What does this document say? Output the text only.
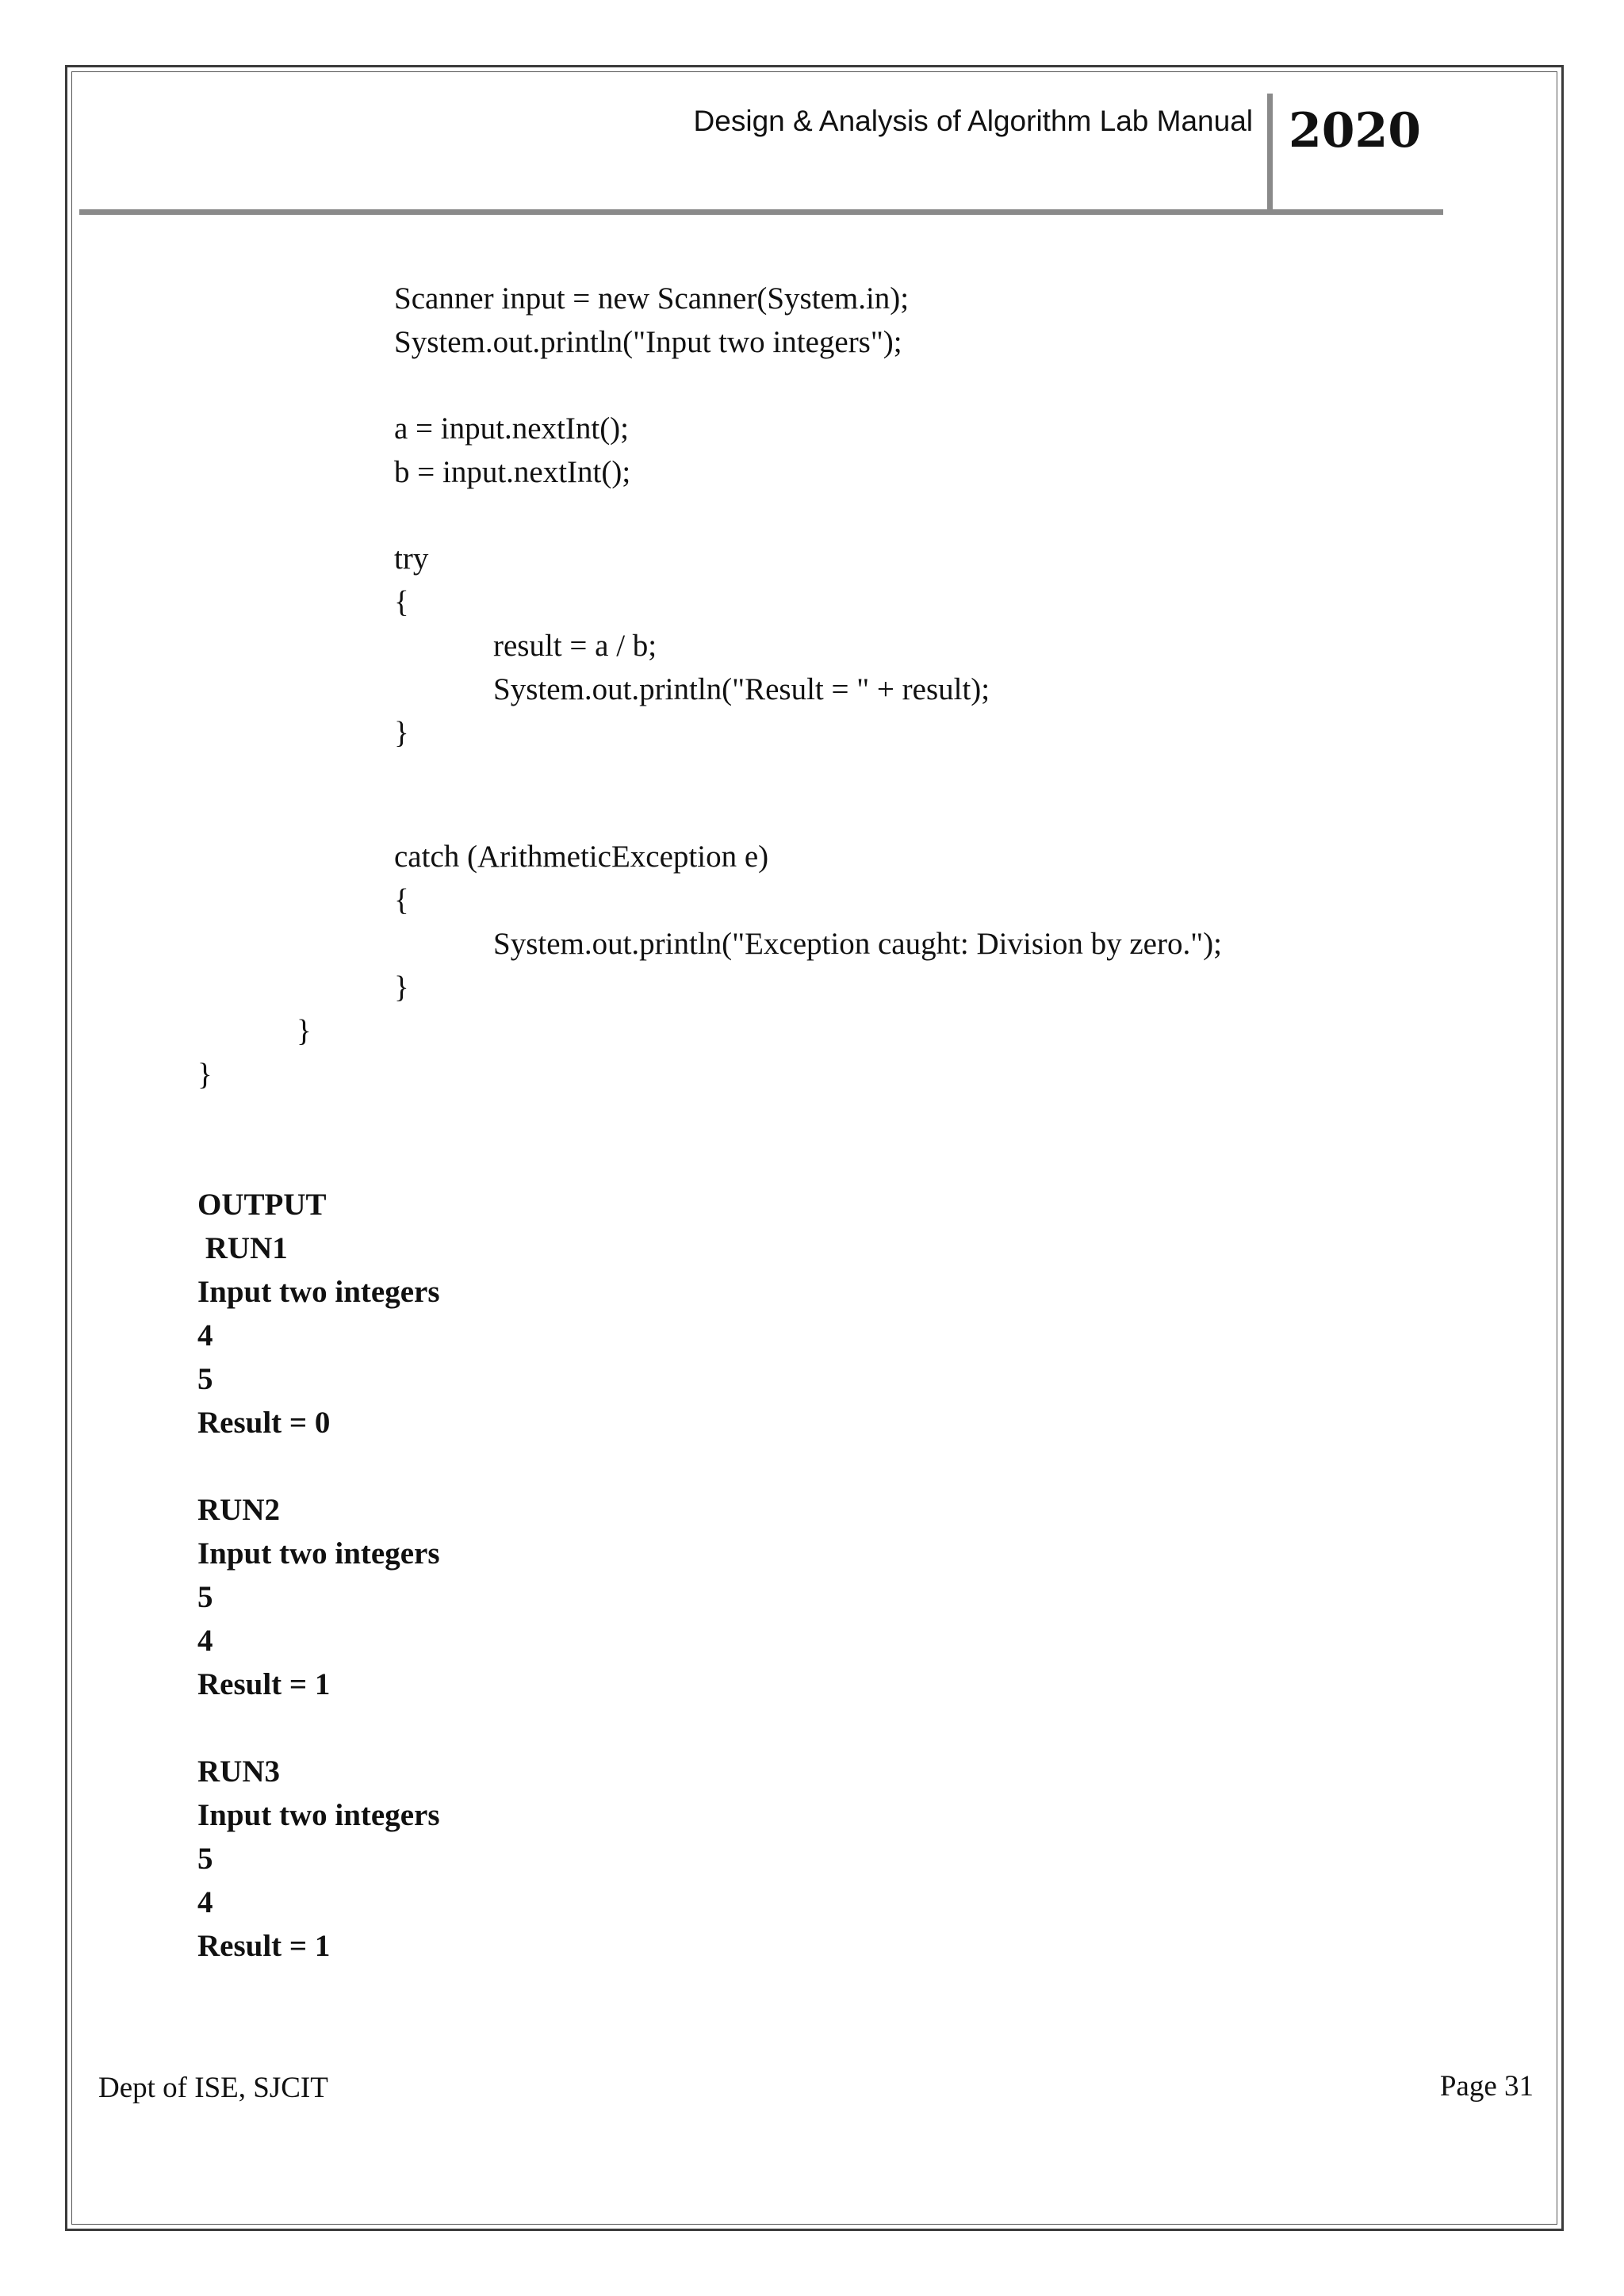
Design & Analysis of Algorithm Lab Manual 2020
Scanner input = new Scanner(System.in);
System.out.println("Input two integers");
a = input.nextInt();
b = input.nextInt();
try
{
result = a / b;
System.out.println("Result = " + result);
}
catch (ArithmeticException e)
{
System.out.println("Exception caught: Division by zero.");
}
}
}
OUTPUT
RUN1
Input two integers
4
5
Result = 0
RUN2
Input two integers
5
4
Result = 1
RUN3
Input two integers
5
4
Result = 1
Dept of ISE, SJCIT	Page 31
